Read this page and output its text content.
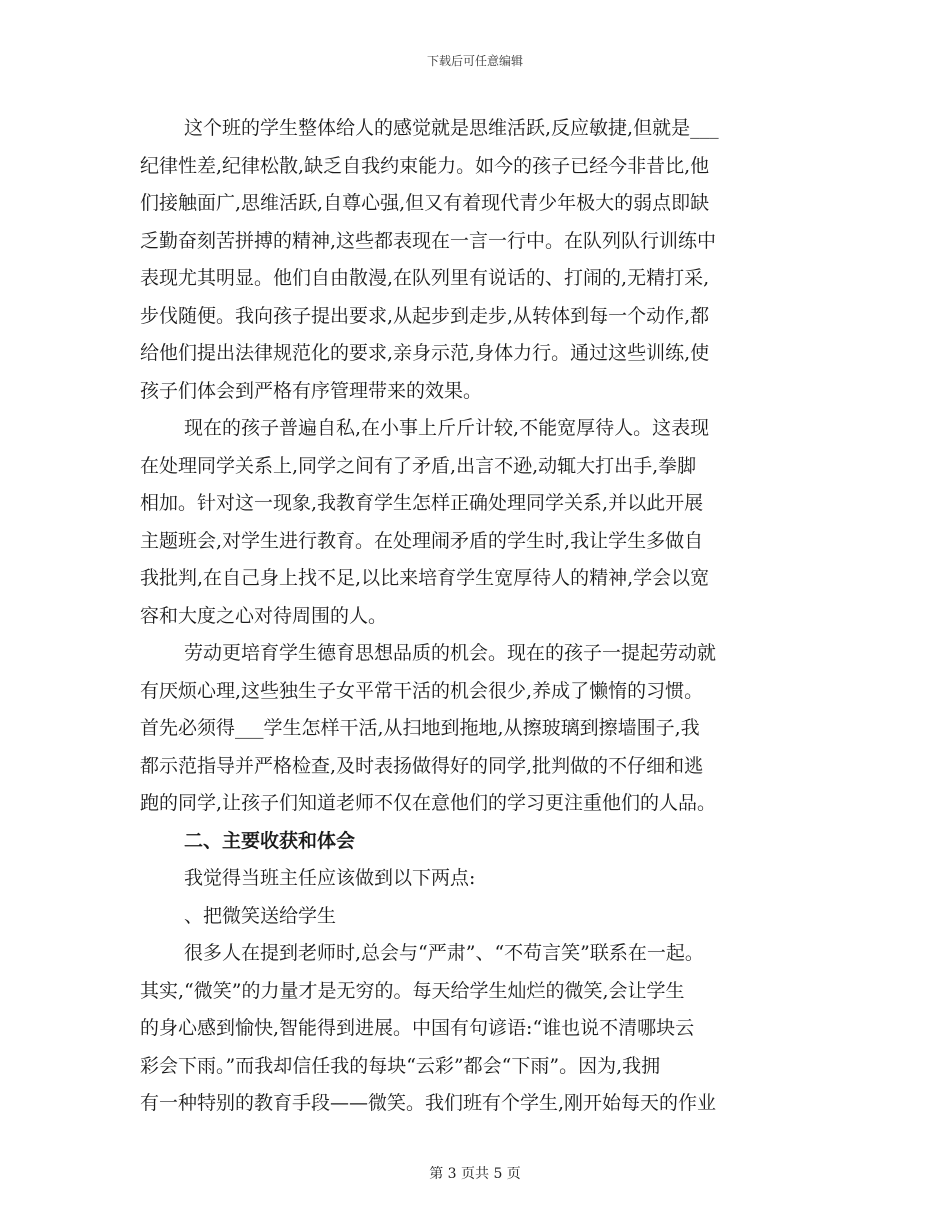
下载后可任意编辑
这个班的学生整体给人的感觉就是思维活跃,反应敏捷,但就是___
纪律性差,纪律松散,缺乏自我约束能力。如今的孩子已经今非昔比,他
们接触面广,思维活跃,自尊心强,但又有着现代青少年极大的弱点即缺
乏勤奋刻苦拼搏的精神,这些都表现在一言一行中。在队列队行训练中
表现尤其明显。他们自由散漫,在队列里有说话的、打闹的,无精打采,
步伐随便。我向孩子提出要求,从起步到走步,从转体到每一个动作,都
给他们提出法律规范化的要求,亲身示范,身体力行。通过这些训练,使
孩子们体会到严格有序管理带来的效果。
现在的孩子普遍自私,在小事上斤斤计较,不能宽厚待人。这表现
在处理同学关系上,同学之间有了矛盾,出言不逊,动辄大打出手,拳脚
相加。针对这一现象,我教育学生怎样正确处理同学关系,并以此开展
主题班会,对学生进行教育。在处理闹矛盾的学生时,我让学生多做自
我批判,在自己身上找不足,以比来培育学生宽厚待人的精神,学会以宽
容和大度之心对待周围的人。
劳动更培育学生德育思想品质的机会。现在的孩子一提起劳动就
有厌烦心理,这些独生子女平常干活的机会很少,养成了懒惰的习惯。
首先必须得___学生怎样干活,从扫地到拖地,从擦玻璃到擦墙围子,我
都示范指导并严格检查,及时表扬做得好的同学,批判做的不仔细和逃
跑的同学,让孩子们知道老师不仅在意他们的学习更注重他们的人品。
二、主要收获和体会
我觉得当班主任应该做到以下两点:
、把微笑送给学生
很多人在提到老师时,总会与“严肃”、“不苟言笑”联系在一起。
其实,“微笑”的力量才是无穷的。每天给学生灿烂的微笑,会让学生
的身心感到愉快,智能得到进展。中国有句谚语:“谁也说不清哪块云
彩会下雨。”而我却信任我的每块“云彩”都会“下雨”。因为,我拥
有一种特别的教育手段——微笑。我们班有个学生,刚开始每天的作业
第 3 页共 5 页
